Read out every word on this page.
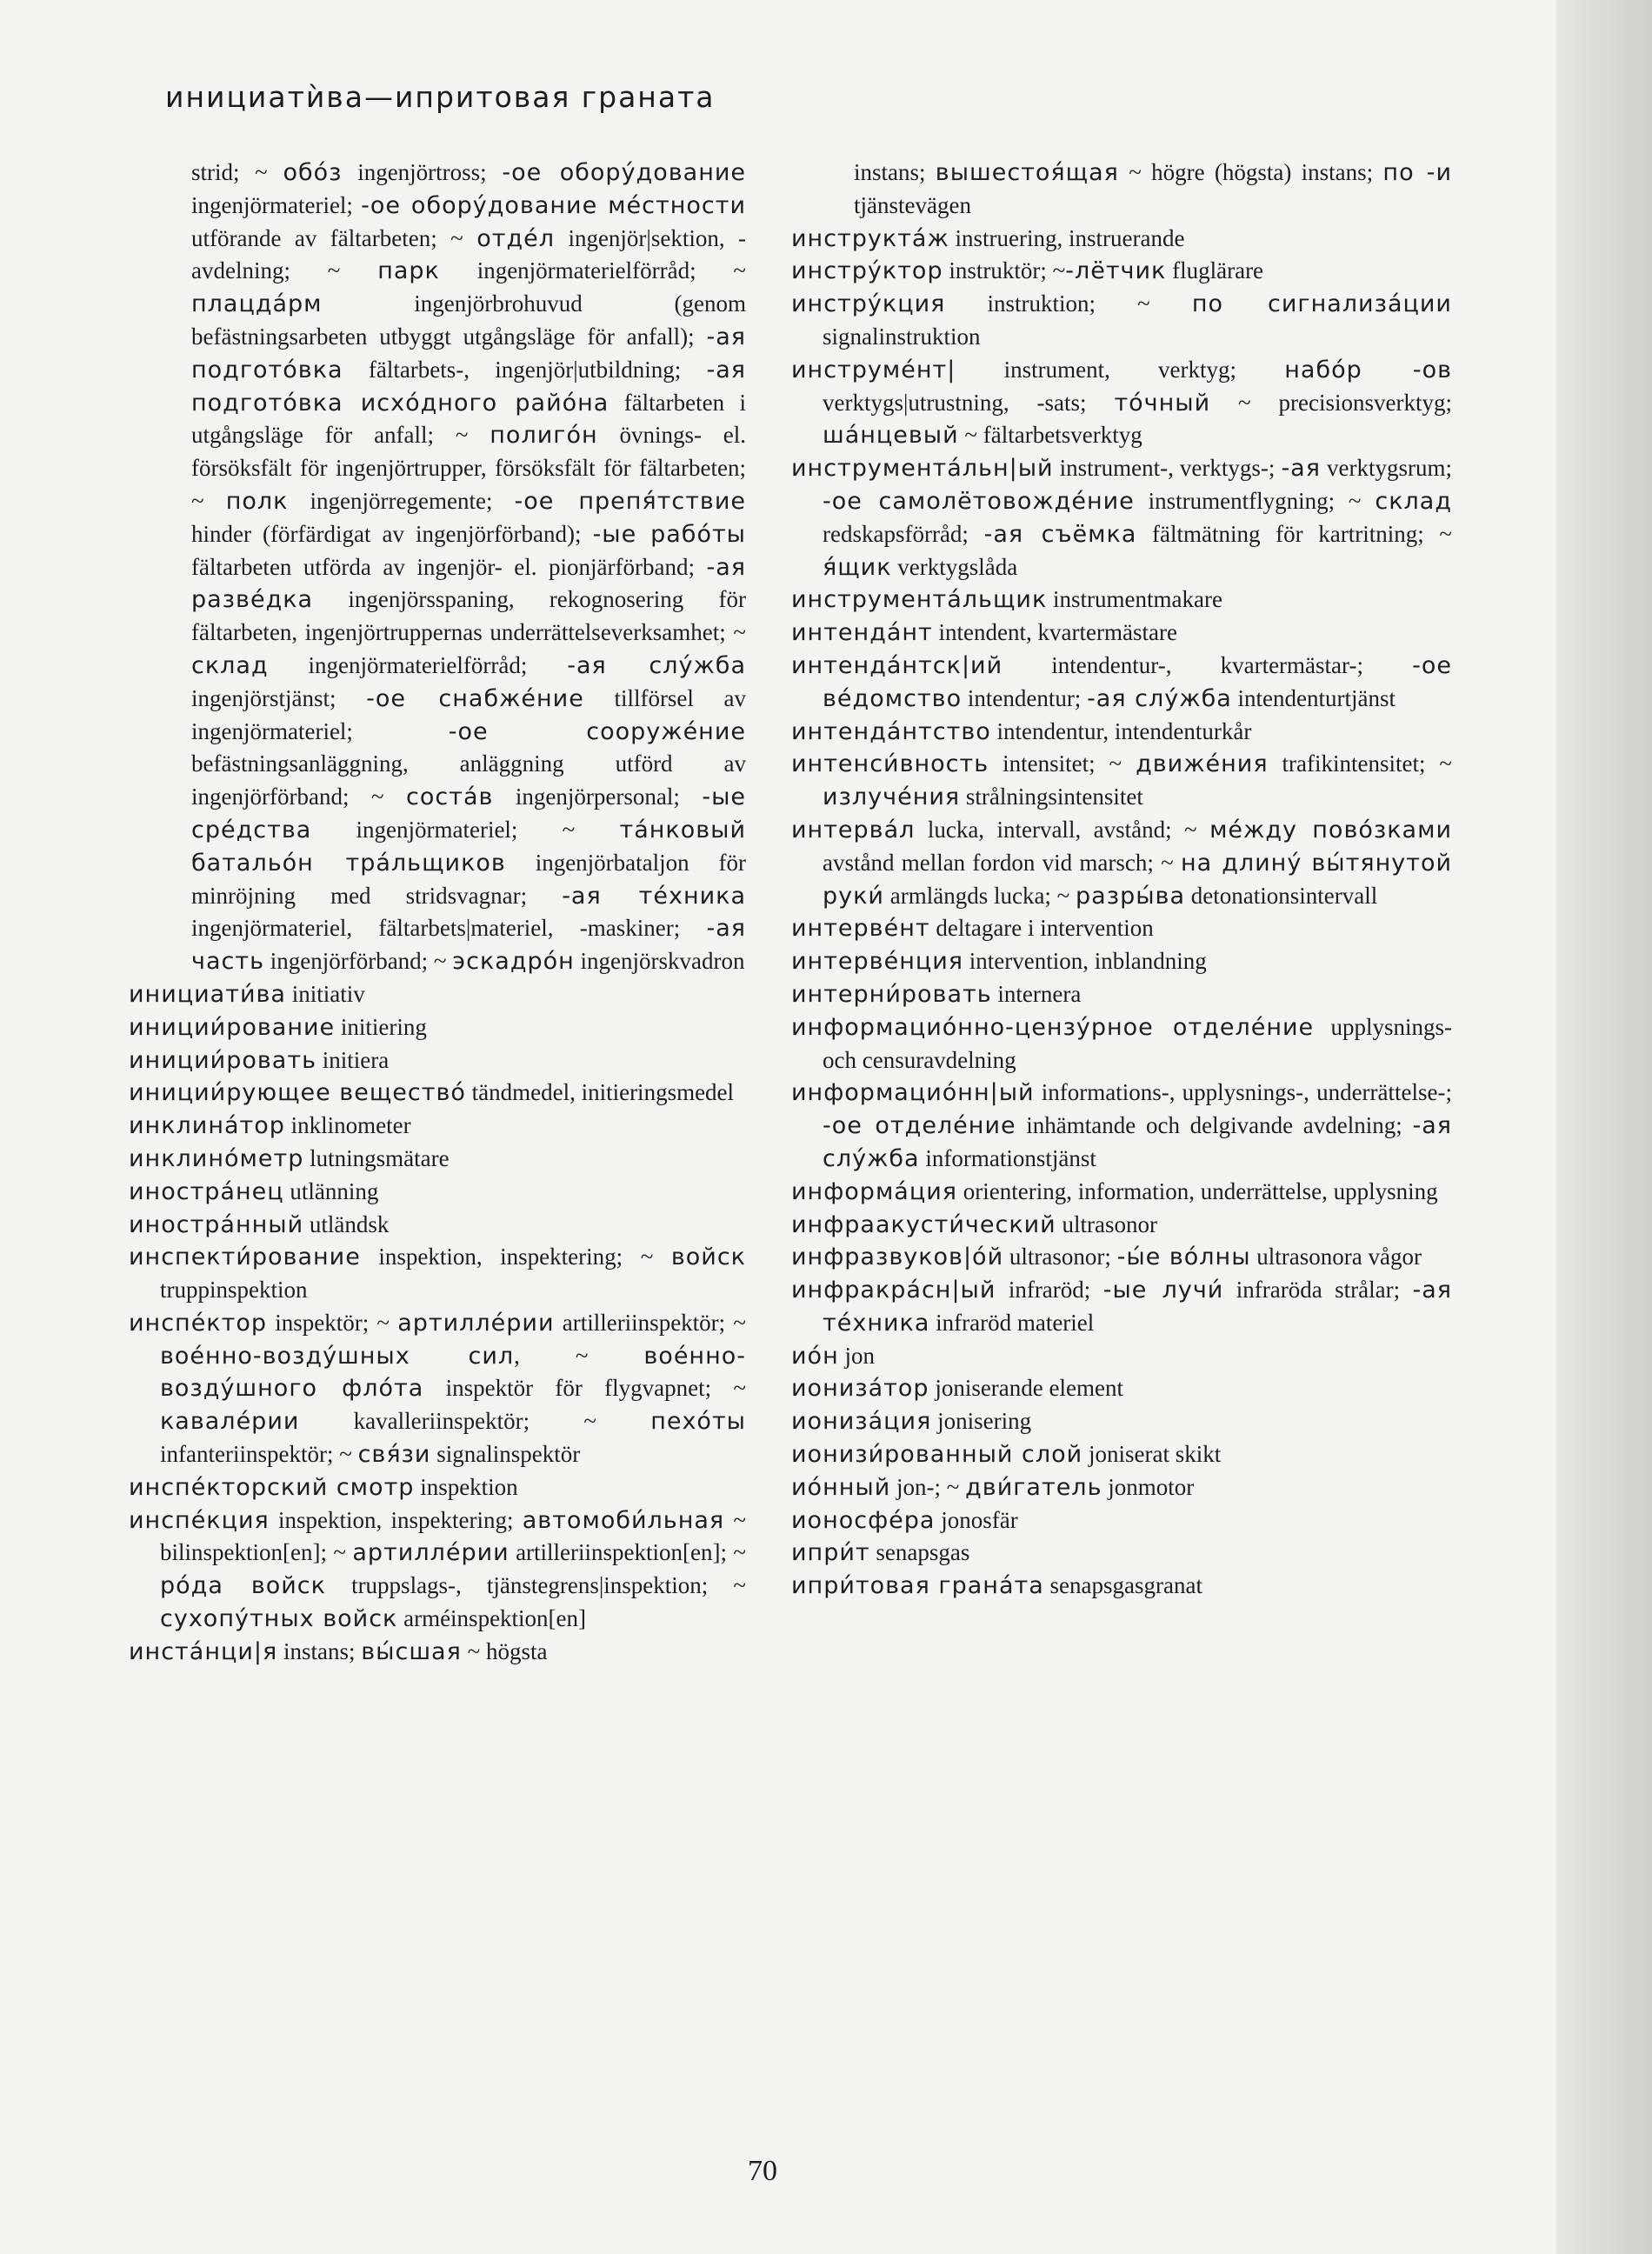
инициатѝва—ипритовая граната
strid; ~ обо́з ingenjörtross; -ое обору́дование ingenjörmateriel; -ое обору́дование ме́стности utförande av fältarbeten; ~ отде́л ingenjör|sektion, -avdelning; ~ парк ingenjörmaterielförråd; ~ плацда́рм ingenjörbrohuvud (genom befästningsarbeten utbyggt utgångsläge för anfall); -ая подгото́вка fältarbets-, ingenjör|utbildning; -ая подгото́вка исхо́дного райо́на fältarbeten i utgångsläge för anfall; ~ полиго́н övnings- el. försöksfält för ingenjörtrupper, försöksfält för fältarbeten; ~ полк ingenjörregemente; -ое препя́тствие hinder (förfärdigat av ingenjörförband); -ые рабо́ты fältarbeten utförda av ingenjör- el. pionjärförband; -ая разве́дка ingenjörsspaning, rekognosering för fältarbeten, ingenjörtruppernas underrättelseverksamhet; ~ склад ingenjörmaterielförråd; -ая слу́жба ingenjörstjänst; -ое снабже́ние tillförsel av ingenjörmateriel; -ое сооруже́ние befästningsanläggning, anläggning utförd av ingenjörförband; ~ соста́в ingenjörpersonal; -ые сре́дства ingenjörmateriel; ~ та́нковый батальо́н тра́льщиков ingenjörbataljon för minröjning med stridsvagnar; -ая те́хника ingenjörmateriel, fältarbets|materiel, -maskiner; -ая часть ingenjörförband; ~ эскадро́н ingenjörskvadron
инициати́ва initiativ
иниции́рование initiering
иниции́ровать initiera
иниции́рующее вещество́ tändmedel, initieringsmedel
инклина́тор inklinometer
инклино́метр lutningsmätare
иностра́нец utlänning
иностра́нный utländsk
инспекти́рование inspektion, inspektering; ~ войск truppinspektion
инспе́ктор inspektör; ~ артилле́рии artilleriinspektör; ~ вое́нно-возду́шных сил, ~ вое́нно-возду́шного фло́та inspektör för flygvapnet; ~ кавале́рии kavalleriinspektör; ~ пехо́ты infanteriinspektör; ~ свя́зи signalinspektör
инспе́кторский смотр inspektion
инспе́кция inspektion, inspektering; автомоби́льная ~ bilinspektion[en]; ~ артилле́рии artilleriinspektion[en]; ~ ро́да войск truppslags-, tjänstegrens|inspektion; ~ сухопу́тных войск arméinspektion[en]
инста́нци|я instans; вы́сшая ~ högsta
instans; вышестоя́щая ~ högre (högsta) instans; по -и tjänstevägen
инструкта́ж instruering, instruerande
инстру́ктор instruktör; ~-лётчик fluglärare
инстру́кция instruktion; ~ по сигнализа́ции signalinstruktion
инструме́нт| instrument, verktyg; набо́р -ов verktygs|utrustning, -sats; то́чный ~ precisionsverktyg; ша́нцевый ~ fältarbetsverktyg
инструмента́льн|ый instrument-, verktygs-; -ая verktygsrum; -ое самолётовожде́ние instrumentflygning; ~ склад redskapsförråd; -ая съёмка fältmätning för kartritning; ~ я́щик verktygslåda
инструмента́льщик instrumentmakare
интенда́нт intendent, kvartermästare
интенда́нтск|ий intendentur-, kvartermästar-; -ое ве́домство intendentur; -ая слу́жба intendenturtjänst
интенда́нтство intendentur, intendenturkår
интенси́вность intensitet; ~ движе́ния trafikintensitet; ~ излуче́ния strålningsintensitet
интерва́л lucka, intervall, avstånd; ~ ме́жду повóзками avstånd mellan fordon vid marsch; ~ на длину́ вы́тянутой руки́ armlängds lucka; ~ разры́ва detonationsintervall
интерве́нт deltagare i intervention
интерве́нция intervention, inblandning
интерни́ровать internera
информацио́нно-цензу́рное отделе́ние upplysnings- och censuravdelning
информацио́нн|ый informations-, upplysnings-, underrättelse-; -ое отделе́ние inhämtande och delgivande avdelning; -ая слу́жба informationstjänst
информа́ция orientering, information, underrättelse, upplysning
инфраакусти́ческий ultrasonor
инфразвуков|о́й ultrasonor; -ы́е во́лны ultrasonora vågor
инфракра́сн|ый infraröd; -ые лучи́ infraröda strålar; -ая те́хника infraröd materiel
ио́н jon
иониза́тор joniserande element
иониза́ция jonisering
ионизи́рованный слой joniserat skikt
ио́нный jon-; ~ дви́гатель jonmotor
ионосфе́ра jonosfär
ипри́т senapsgas
ипри́товая грана́та senapsgasgranat
70
